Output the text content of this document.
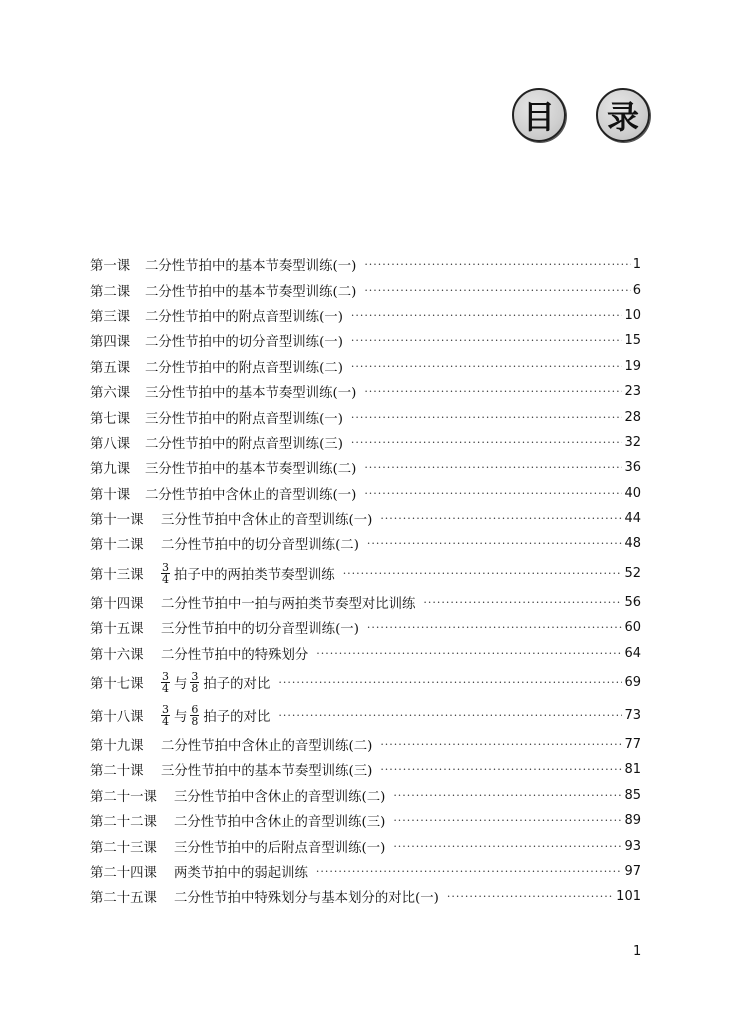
目	录
第一课	二分性节拍中的基本节奏型训练(一) ·····	1
第二课	二分性节拍中的基本节奏型训练(二) ·····	6
第三课	二分性节拍中的附点音型训练(一) ·····	10
第四课	二分性节拍中的切分音型训练(一) ·····	15
第五课	二分性节拍中的附点音型训练(二) ·····	19
第六课	三分性节拍中的基本节奏型训练(一) ·····	23
第七课	三分性节拍中的附点音型训练(一) ·····	28
第八课	二分性节拍中的附点音型训练(三) ·····	32
第九课	三分性节拍中的基本节奏型训练(二) ·····	36
第十课	二分性节拍中含休止的音型训练(一) ·····	40
第十一课	三分性节拍中含休止的音型训练(一) ·····	44
第十二课	二分性节拍中的切分音型训练(二) ·····	48
第十三课	$\frac{3}{4}$ 拍子中的两拍类节奏型训练 ·····	52
第十四课	二分性节拍中一拍与两拍类节奏型对比训练 ·····	56
第十五课	三分性节拍中的切分音型训练(一) ·····	60
第十六课	二分性节拍中的特殊划分 ·····	64
第十七课	$\frac{3}{4}$ 与 $\frac{3}{8}$ 拍子的对比 ·····	69
第十八课	$\frac{3}{4}$ 与 $\frac{6}{8}$ 拍子的对比 ·····	73
第十九课	二分性节拍中含休止的音型训练(二) ·····	77
第二十课	三分性节拍中的基本节奏型训练(三) ·····	81
第二十一课	三分性节拍中含休止的音型训练(二) ·····	85
第二十二课	二分性节拍中含休止的音型训练(三) ·····	89
第二十三课	三分性节拍中的后附点音型训练(一) ·····	93
第二十四课	两类节拍中的弱起训练 ·····	97
第二十五课	二分性节拍中特殊划分与基本划分的对比(一) ·····	101
1
